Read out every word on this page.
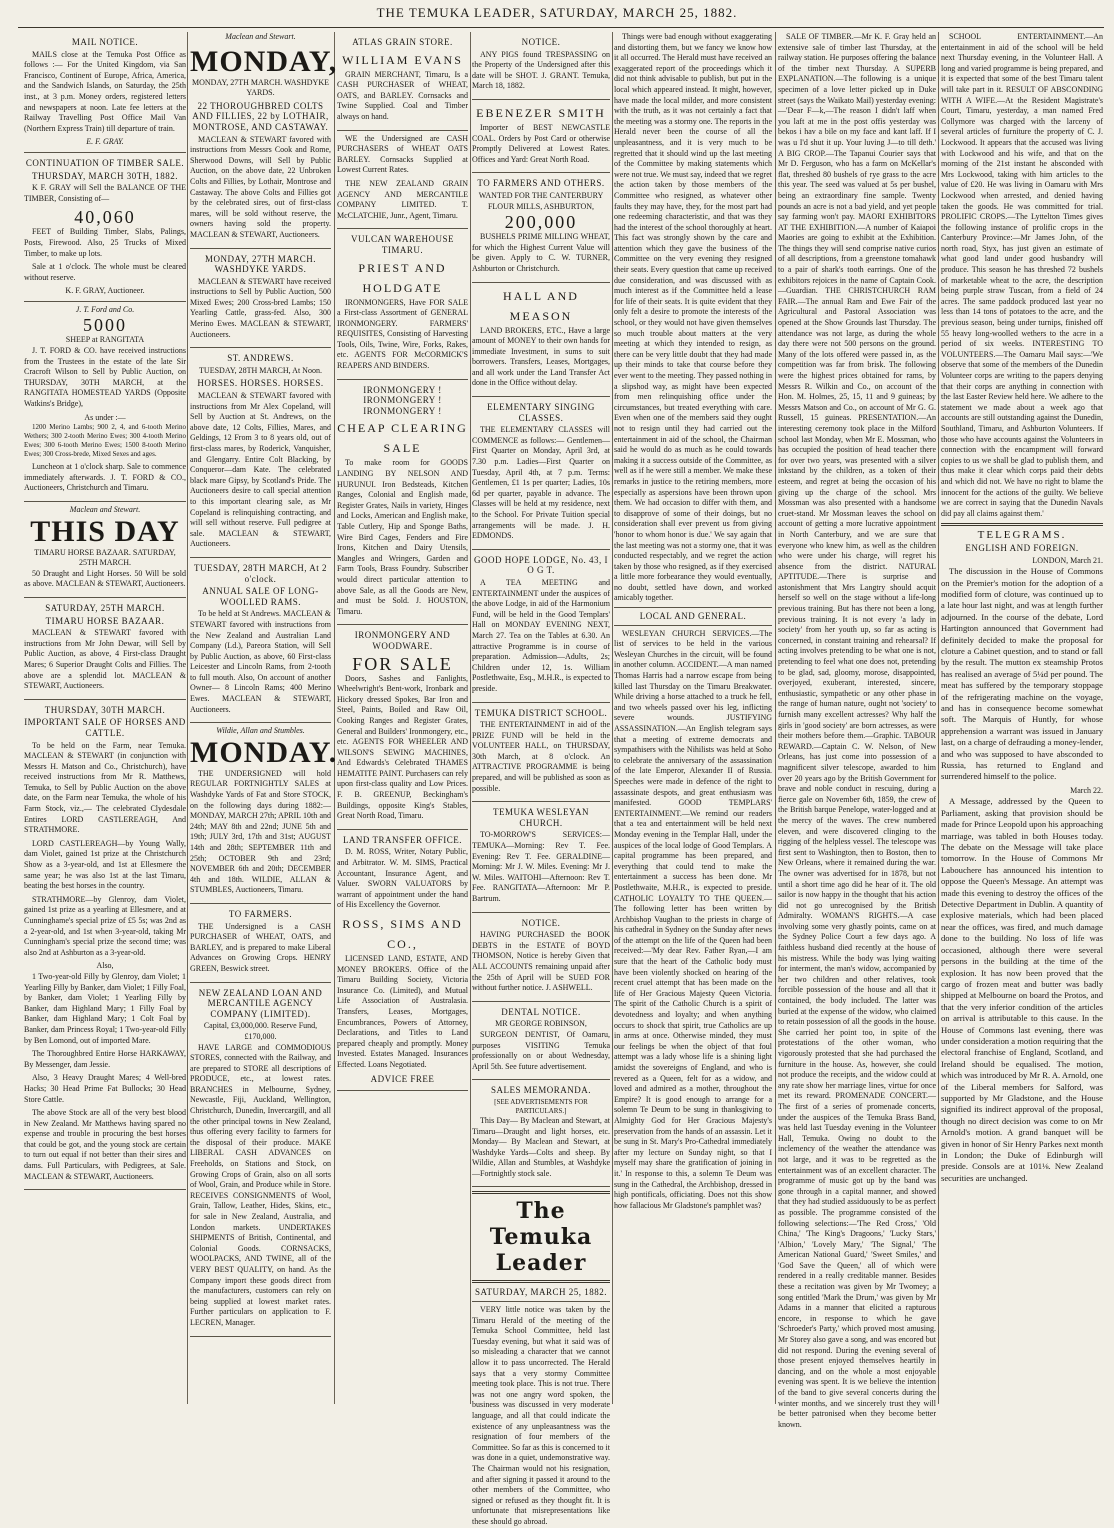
THE TEMUKA LEADER, SATURDAY, MARCH 25, 1882.
MAIL NOTICE.

MAILS close at the Temuka Post Office as follows :— For the United Kingdom, via San Francisco, Continent of Europe, Africa, America, and the Sandwich Islands, on Saturday, the 25th inst., at 3 p.m. Money orders, registered letters and newspapers at noon. Late fee letters at the Railway Travelling Post Office Mail Van (Northern Express Train) till departure of train.

E. F. GRAY.
CONTINUATION OF TIMBER SALE.
THURSDAY, MARCH 30TH, 1882.

K F. GRAY will Sell the BALANCE OF THE TIMBER, Consisting of—

40,060

FEET of Building Timber, Slabs, Palings, Posts, Firewood. Also, 25 Trucks of Mixed Timber, to make up lots.

Sale at 1 o'clock. The whole must be cleared without reserve.

K. F. GRAY, Auctioneer.
J. T. Ford and Co.
5000
SHEEP at RANGITATA

J. T. FORD & CO. have received instructions from the Trustees in the estate of the late Sir Cracroft Wilson to Sell by Public Auction, on THURSDAY, 30TH MARCH, at the RANGITATA HOMESTEAD YARDS (Opposite Watkins's Bridge),

As under :—

1200 Merino Lambs; 900 2, 4, and 6-tooth Merino Wethers; 300 2-tooth Merino Ewes; 300 4-tooth Merino Ewes; 300 6-tooth Merino Ewes; 1500 8-tooth Merino Ewes; 300 Cross-brede, Mixed Sexes and ages.

Luncheon at 1 o'clock sharp. Sale to commence immediately afterwards. J. T. FORD & CO., Auctioneers, Christchurch and Timaru.

Maclean and Stewart.
THIS DAY
TIMARU HORSE BAZAAR. SATURDAY, 25TH MARCH.

50 Draught and Light Horses. 50 Will be sold as above. MACLEAN & STEWART, Auctioneers.

SATURDAY, 25TH MARCH.
TIMARU HORSE BAZAAR.

MACLEAN & STEWART favored with instructions from Mr John Dewar, will Sell by Public Auction, as above, 4 First-class Draught Mares; 6 Superior Draught Colts and Fillies. The above are a splendid lot. MACLEAN & STEWART, Auctioneers.

THURSDAY, 30TH MARCH.
IMPORTANT SALE OF HORSES AND CATTLE.

To be held on the Farm, near Temuka. MACLEAN & STEWART (in conjunction with Messrs H. Matson and Co., Christchurch), have received instructions from Mr R. Matthews, Temuka, to Sell by Public Auction on the above date, on the Farm near Temuka, the whole of his Farm Stock, viz.,— The celebrated Clydesdale Entires LORD CASTLEREAGH, And STRATHMORE.

LORD CASTLEREAGH—by Young Wally, dam Violet, gained 1st prize at the Christchurch Show as a 3-year-old, and 1st at Ellesmere the same year; he was also 1st at the last Timaru, beating the best horses in the country.

STRATHMORE—by Glenroy, dam Violet, gained 1st prize as a yearling at Ellesmere, and at Cunninghame's special prize of £5 5s; was 2nd as a 2-year-old, and 1st when 3-year-old, taking Mr Cunningham's special prize the second time; was also 2nd at Ashburton as a 3-year-old.

Also,

1 Two-year-old Filly by Glenroy, dam Violet; 1 Yearling Filly by Banker, dam Violet; 1 Filly Foal, by Banker, dam Violet; 1 Yearling Filly by Banker, dam Highland Mary; 1 Filly Foal by Banker, dam Highland Mary; 1 Colt Foal by Banker, dam Princess Royal; 1 Two-year-old Filly by Ben Lomond, out of imported Mare.

The Thoroughbred Entire Horse HARKAWAY, By Messenger, dam Jessie.

Also, 3 Heavy Draught Mares; 4 Well-bred Hacks; 30 Head Prime Fat Bullocks; 30 Head Store Cattle.

The above Stock are all of the very best blood in New Zealand. Mr Matthews having spared no expense and trouble in procuring the best horses that could be got, and the young stock are certain to turn out equal if not better than their sires and dams. Full Particulars, with Pedigrees, at Sale. MACLEAN & STEWART, Auctioneers.

Maclean and Stewart.
MONDAY,
MONDAY, 27TH MARCH. WASHDYKE YARDS.
22 THOROUGHBRED COLTS AND FILLIES, 22 by LOTHAIR, MONTROSE, AND CASTAWAY.

MACLEAN & STEWART favored with instructions from Messrs Cook and Rome, Sherwood Downs, will Sell by Public Auction, on the above date, 22 Unbroken Colts and Fillies, by Lothair, Montrose and Castaway. The above Colts and Fillies got by the celebrated sires, out of first-class mares, will be sold without reserve, the owners having sold the property. MACLEAN & STEWART, Auctioneers.

MONDAY, 27TH MARCH. WASHDYKE YARDS.

MACLEAN & STEWART have received instructions to Sell by Public Auction, 500 Mixed Ewes; 200 Cross-bred Lambs; 150 Yearling Cattle, grass-fed. Also, 300 Merino Ewes. MACLEAN & STEWART, Auctioneers.

ST. ANDREWS.
TUESDAY, 28TH MARCH, At Noon.
HORSES. HORSES. HORSES.

MACLEAN & STEWART favored with instructions from Mr Alex Copeland, will Sell by Auction at St. Andrews, on the above date, 12 Colts, Fillies, Mares, and Geldings, 12 From 3 to 8 years old, out of first-class mares, by Roderick, Vanquisher, and Glengarry. Entire Colt Blacking, by Conqueror—dam Kate. The celebrated black mare Gipsy, by Scotland's Pride. The Auctioneers desire to call special attention to this important clearing sale, as Mr Copeland is relinquishing contracting, and will sell without reserve. Full pedigree at sale. MACLEAN & STEWART, Auctioneers.

TUESDAY, 28TH MARCH, At 2 o'clock.
ANNUAL SALE OF LONG-WOOLLED RAMS.

To be held at St Andrews. MACLEAN & STEWART favored with instructions from the New Zealand and Australian Land Company (Ld.), Pareora Station, will Sell by Public Auction, as above, 60 First-class Leicester and Lincoln Rams, from 2-tooth to full mouth. Also, On account of another Owner— 8 Lincoln Rams; 400 Merino Ewes. MACLEAN & STEWART, Auctioneers.

Wildie, Allan and Stumbles.
MONDAY.

THE UNDERSIGNED will hold REGULAR FORTNIGHTLY SALES at Washdyke Yards of Fat and Store STOCK, on the following days during 1882:— MONDAY, MARCH 27th; APRIL 10th and 24th; MAY 8th and 22nd; JUNE 5th and 19th; JULY 3rd, 17th and 31st; AUGUST 14th and 28th; SEPTEMBER 11th and 25th; OCTOBER 9th and 23rd; NOVEMBER 6th and 20th; DECEMBER 4th and 18th. WILDIE, ALLAN & STUMBLES, Auctioneers, Timaru.

TO FARMERS.

THE Undersigned is a CASH PURCHASER of WHEAT, OATS, and BARLEY, and is prepared to make Liberal Advances on Growing Crops. HENRY GREEN, Beswick street.

NEW ZEALAND LOAN AND MERCANTILE AGENCY COMPANY (LIMITED).
Capital, £3,000,000. Reserve Fund, £170,000.

HAVE LARGE and COMMODIOUS STORES, connected with the Railway, and are prepared to STORE all descriptions of PRODUCE, etc., at lowest rates. BRANCHES in Melbourne, Sydney, Newcastle, Fiji, Auckland, Wellington, Christchurch, Dunedin, Invercargill, and all the other principal towns in New Zealand, thus offering every facility to farmers for the disposal of their produce. MAKE LIBERAL CASH ADVANCES on Freeholds, on Stations and Stock, on Growing Crops of Grain, also on all sorts of Wool, Grain, and Produce while in Store. RECEIVES CONSIGNMENTS of Wool, Grain, Tallow, Leather, Hides, Skins, etc., for sale in New Zealand, Australia, and London markets. UNDERTAKES SHIPMENTS of British, Continental, and Colonial Goods. CORNSACKS, WOOLPACKS, AND TWINE, all of the VERY BEST QUALITY, on hand. As the Company import these goods direct from the manufacturers, customers can rely on being supplied at lowest market rates. Further particulars on application to F. LECREN, Manager.

ATLAS GRAIN STORE.
WILLIAM EVANS

GRAIN MERCHANT, Timaru, Is a CASH PURCHASER of WHEAT, OATS, and BARLEY. Cornsacks and Twine Supplied. Coal and Timber always on hand.

WE the Undersigned are CASH PURCHASERS of WHEAT OATS BARLEY. Cornsacks Supplied at Lowest Current Rates.

THE NEW ZEALAND GRAIN AGENCY AND MERCANTILE COMPANY LIMITED. T. McCLATCHIE, Junr., Agent, Timaru.

VULCAN WAREHOUSE TIMARU.
PRIEST AND HOLDGATE

IRONMONGERS, Have FOR SALE a First-class Assortment of GENERAL IRONMONGERY. FARMERS' REQUISITES, Consisting of Harvesting Tools, Oils, Twine, Wire, Forks, Rakes, etc. AGENTS FOR McCORMICK'S REAPERS AND BINDERS.

IRONMONGERY ! IRONMONGERY ! IRONMONGERY !
CHEAP CLEARING SALE

To make room for GOODS LANDING BY NELSON AND HURUNUI. Iron Bedsteads, Kitchen Ranges, Colonial and English made, Register Grates, Nails in variety, Hinges and Locks, American and English make, Table Cutlery, Hip and Sponge Baths, Wire Bird Cages, Fenders and Fire Irons, Kitchen and Dairy Utensils, Mangles and Wringers, Garden and Farm Tools, Brass Foundry. Subscriber would direct particular attention to above Sale, as all the Goods are New, and must be Sold. J. HOUSTON, Timaru.

IRONMONGERY AND WOODWARE.
FOR SALE

Doors, Sashes and Fanlights, Wheelwright's Bent-work, Ironbark and Hickory dressed Spokes, Bar Iron and Steel, Paints, Boiled and Raw Oil, Cooking Ranges and Register Grates, General and Builders' Ironmongery, etc., etc. AGENTS FOR WHEELER AND WILSON'S SEWING MACHINES, And Edwards's Celebrated THAMES HEMATITE PAINT. Purchasers can rely upon first-class quality and Low Prices. F. B. GREENUP, Beckingham's Buildings, opposite King's Stables, Great North Road, Timaru.

LAND TRANSFER OFFICE.

D. M. ROSS, Writer, Notary Public, and Arbitrator. W. M. SIMS, Practical Accountant, Insurance Agent, and Valuer. SWORN VALUATORS by warrant of appointment under the hand of His Excellency the Governor.

ROSS, SIMS AND CO.,

LICENSED LAND, ESTATE, AND MONEY BROKERS. Office of the Timaru Building Society, Victoria Insurance Co. (Limited), and Mutual Life Association of Australasia. Transfers, Leases, Mortgages, Encumbrances, Powers of Attorney, Declarations, and Titles to Land prepared cheaply and promptly. Money Invested. Estates Managed. Insurances Effected. Loans Negotiated.

ADVICE FREE
NOTICE.

ANY PIGS found TRESPASSING on the Property of the Undersigned after this date will be SHOT. J. GRANT. Temuka, March 18, 1882.

EBENEZER SMITH

Importer of BEST NEWCASTLE COAL. Orders by Post Card or otherwise Promptly Delivered at Lowest Rates. Offices and Yard: Great North Road.

TO FARMERS AND OTHERS.
WANTED FOR THE CANTERBURY FLOUR MILLS, ASHBURTON,
200,000

BUSHELS PRIME MILLING WHEAT, for which the Highest Current Value will be given. Apply to C. W. TURNER, Ashburton or Christchurch.

HALL AND MEASON

LAND BROKERS, ETC., Have a large amount of MONEY to their own hands for immediate Investment, in sums to suit borrowers. Transfers, Leases, Mortgages, and all work under the Land Transfer Act done in the Office without delay.

ELEMENTARY SINGING CLASSES.

THE ELEMENTARY CLASSES will COMMENCE as follows:— Gentlemen—First Quarter on Monday, April 3rd, at 7.30 p.m. Ladies—First Quarter on Tuesday, April 4th, at 7 p.m. Terms: Gentlemen, £1 1s per quarter; Ladies, 10s 6d per quarter, payable in advance. The Classes will be held at my residence, next to the School. For Private Tuition special arrangements will be made. J. H. EDMONDS.

GOOD HOPE LODGE, No. 43, I O G T.

A TEA MEETING and ENTERTAINMENT under the auspices of the above Lodge, in aid of the Harmonium Fund, will be held in the Good Templars' Hall on MONDAY EVENING NEXT, March 27. Tea on the Tables at 6.30. An attractive Programme is in course of preparation. Admission—Adults, 2s; Children under 12, 1s. William Postlethwaite, Esq., M.H.R., is expected to preside.

TEMUKA DISTRICT SCHOOL.

THE ENTERTAINMENT in aid of the PRIZE FUND will be held in the VOLUNTEER HALL, on THURSDAY, 30th March, at 8 o'clock. An ATTRACTIVE PROGRAMME is being prepared, and will be published as soon as possible.

TEMUKA WESLEYAN CHURCH.

TO-MORROW'S SERVICES:— TEMUKA—Morning: Rev T. Fee. Evening: Rev T. Fee. GERALDINE—Morning: Mr J. W. Miles. Evening: Mr J. W. Miles. WAITOHI—Afternoon: Rev T. Fee. RANGITATA—Afternoon: Mr P. Bartrum.

NOTICE.

HAVING PURCHASED the BOOK DEBTS in the ESTATE of BOYD THOMSON, Notice is hereby Given that ALL ACCOUNTS remaining unpaid after the 25th of April will be SUED FOR without further notice. J. ASHWELL.

DENTAL NOTICE.
MR GEORGE ROBINSON,

SURGEON DENTIST, Of Oamaru, purposes VISITING Temuka professionally on or about Wednesday, April 5th. See future advertisement.

SALES MEMORANDA.
[SEE ADVERTISEMENTS FOR PARTICULARS.]

This Day— By Maclean and Stewart, at Timaru—Draught and light horses, etc. Monday— By Maclean and Stewart, at Washdyke Yards—Colts and sheep. By Wildie, Allan and Stumbles, at Washdyke—Fortnightly stock sale.

The Temuka Leader
SATURDAY, MARCH 25, 1882.

VERY little notice was taken by the Timaru Herald of the meeting of the Temuka School Committee, held last Tuesday evening, but what it said was of so misleading a character that we cannot allow it to pass uncorrected. The Herald says that a very stormy Committee meeting took place. This is not true. There was not one angry word spoken, the business was discussed in very moderate language, and all that could indicate the existence of any unpleasantness was the resignation of four members of the Committee. So far as this is concerned to it was done in a quiet, undemonstrative way. The Chairman would not his resignation, and after signing it passed it around to the other members of the Committee, who signed or refused as they thought fit. It is unfortunate that misrepresentations like these should go abroad.

Things were bad enough without exaggerating and distorting them, but we fancy we know how it all occurred. The Herald must have received an exaggerated report of the proceedings which it did not think advisable to publish, but put in the local which appeared instead. It might, however, have made the local milder, and more consistent with the truth, as it was not certainly a fact that the meeting was a stormy one. The reports in the Herald never been the course of all the unpleasantness, and it is very much to be regretted that it should wind up the last meeting of the Committee by making statements which were not true. We must say, indeed that we regret the action taken by those members of the Committee who resigned, as whatever other faults they may have, they, for the most part had one redeeming characteristic, and that was they had the interest of the school thoroughly at heart. This fact was strongly shown by the care and attention which they gave the business of the Committee on the very evening they resigned their seats. Every question that came up received due consideration, and was discussed with as much interest as if the Committee held a lease for life of their seats. It is quite evident that they only felt a desire to promote the interests of the school, or they would not have given themselves so much trouble about matters at the very meeting at which they intended to resign, as there can be very little doubt that they had made up their minds to take that course before they ever went to the meeting. They passed nothing in a slipshod way, as might have been expected from men relinquishing office under the circumstances, but treated everything with care. Even when one of the members said they ought not to resign until they had carried out the entertainment in aid of the school, the Chairman said he would do as much as he could towards making it a success outside of the Committee, as well as if he were still a member. We make these remarks in justice to the retiring members, more especially as aspersions have been thrown upon them. We had occasion to differ with them, and to disapprove of some of their doings, but no consideration shall ever prevent us from giving 'honor to whom honor is due.' We say again that the last meeting was not a stormy one, that it was conducted respectably, and we regret the action taken by those who resigned, as if they exercised a little more forbearance they would eventually, no doubt, settled have down, and worked amicably together.

LOCAL AND GENERAL.

WESLEYAN CHURCH SERVICES.—The list of services to be held in the various Wesleyan Churches in the circuit, will be found in another column. ACCIDENT.—A man named Thomas Harris had a narrow escape from being killed last Thursday on the Timaru Breakwater. While driving a horse attached to a truck he fell, and two wheels passed over his leg, inflicting severe wounds. JUSTIFYING ASSASSINATION.—An English telegram says that a meeting of extreme democrats and sympathisers with the Nihilists was held at Soho to celebrate the anniversary of the assassination of the late Emperor, Alexander II of Russia. Speeches were made in defence of the right to assassinate despots, and great enthusiasm was manifested. GOOD TEMPLARS' ENTERTAINMENT.—We remind our readers that a tea and entertainment will be held next Monday evening in the Templar Hall, under the auspices of the local lodge of Good Templars. A capital programme has been prepared, and everything that could tend to make the entertainment a success has been done. Mr Postlethwaite, M.H.R., is expected to preside. CATHOLIC LOYALTY TO THE QUEEN.—The following letter has been written by Archbishop Vaughan to the priests in charge of his cathedral in Sydney on the Sunday after news of the attempt on the life of the Queen had been received:—'My dear Rev. Father Ryan,—I am sure that the heart of the Catholic body must have been violently shocked on hearing of the recent cruel attempt that has been made on the life of Her Gracious Majesty Queen Victoria. The spirit of the Catholic Church is a spirit of devotedness and loyalty; and when anything occurs to shock that spirit, true Catholics are up in arms at once. Otherwise minded, they must our feelings be when the object of that foul attempt was a lady whose life is a shining light amidst the sovereigns of England, and who is revered as a Queen, felt for as a widow, and loved and admired as a mother, throughout the Empire? It is good enough to arrange for a solemn Te Deum to be sung in thanksgiving to Almighty God for Her Gracious Majesty's preservation from the hands of an assassin. Let it be sung in St. Mary's Pro-Cathedral immediately after my lecture on Sunday night, so that I myself may share the gratification of joining in it.' In response to this, a solemn Te Deum was sung in the Cathedral, the Archbishop, dressed in high pontificals, officiating. Does not this show how fallacious Mr Gladstone's pamphlet was?

SALE OF TIMBER.—Mr K. F. Gray held an extensive sale of timber last Thursday, at the railway station. He purposes offering the balance of the timber next Thursday. A SUPERB EXPLANATION.—The following is a unique specimen of a love letter picked up in Duke street (says the Waikato Mail) yesterday evening:—'Dear F—k,—The reason I didn't laff when you laft at me in the post offis yesterday was bekos i hav a bile on my face and kant laff. If I was u I'd shut it up. Your luving J—to till deth.' A BIG CROP.—The Tapanui Courier says that Mr D. Ferguson, who has a farm on McKellar's flat, threshed 80 bushels of rye grass to the acre this year. The seed was valued at 5s per bushel, being an extraordinary fine sample. Twenty pounds an acre is not a bad yield, and yet people say farming won't pay. MAORI EXHIBITORS AT THE EXHIBITION.—A number of Kaiapoi Maories are going to exhibit at the Exhibition. The things they will send comprise native curios of all descriptions, from a greenstone tomahawk to a pair of shark's tooth earrings. One of the exhibitors rejoices in the name of Captain Cook.—Guardian. THE CHRISTCHURCH RAM FAIR.—The annual Ram and Ewe Fair of the Agricultural and Pastoral Association was opened at the Show Grounds last Thursday. The attendance was not large, as during the whole day there were not 500 persons on the ground. Many of the lots offered were passed in, as the competition was far from brisk. The following were the highest prices obtained for rams, by Messrs R. Wilkin and Co., on account of the Hon. M. Holmes, 25, 15, 11 and 9 guineas; by Messrs Matson and Co., on account of Mr G. G. Russell, 15 guineas. PRESENTATION.—An interesting ceremony took place in the Milford school last Monday, when Mr E. Mossman, who has occupied the position of head teacher there for over two years, was presented with a silver inkstand by the children, as a token of their esteem, and regret at being the occasion of his giving up the charge of the school. Mrs Mossman was also presented with a handsome cruet-stand. Mr Mossman leaves the school on account of getting a more lucrative appointment in North Canterbury, and we are sure that everyone who knew him, as well as the children who were under his charge, will regret his absence from the district. NATURAL APTITUDE.—There is surprise and astonishment that Mrs Langtry should acquit herself so well on the stage without a life-long previous training. But has there not been a long, previous training. It is not every 'a lady in society' from her youth up, so far as acting is concerned, in constant training and rehearsal? If acting involves pretending to be what one is not, pretending to feel what one does not, pretending to be glad, sad, gloomy, morose, disappointed, overjoyed, exuberant, interested, sincere, enthusiastic, sympathetic or any other phase in the range of human nature, ought not 'society' to furnish many excellent actresses? Why half the girls in 'good society' are born actresses, as were their mothers before them.—Graphic. TABOUR REWARD.—Captain C. W. Nelson, of New Orleans, has just come into possession of a magnificent silver telescope, awarded to him over 20 years ago by the British Government for brave and noble conduct in rescuing, during a fierce gale on November 6th, 1859, the crew of the British barque Penelope, water-logged and at the mercy of the waves. The crew numbered eleven, and were discovered clinging to the rigging of the helpless vessel. The telescope was first sent to Washington, then to Boston, then to New Orleans, where it remained during the war. The owner was advertised for in 1878, but not until a short time ago did he hear of it. The old sailor is now happy in the thought that his action did not go unrecognised by the British Admiralty. WOMAN'S RIGHTS.—A case involving some very ghastly points, came on at the Sydney Police Court a few days ago. A faithless husband died recently at the house of his mistress. While the body was lying waiting for interment, the man's widow, accompanied by her two children and other relatives, took forcible possession of the house and all that it contained, the body included. The latter was buried at the expense of the widow, who claimed to retain possession of all the goods in the house. She carried her point too, in spite of the protestations of the other woman, who vigorously protested that she had purchased the furniture in the house. As, however, she could not produce the receipts, and the widow could at any rate show her marriage lines, virtue for once met its reward. PROMENADE CONCERT.—The first of a series of promenade concerts, under the auspices of the Temuka Brass Band, was held last Tuesday evening in the Volunteer Hall, Temuka. Owing no doubt to the inclemency of the weather the attendance was not large, and it was to be regretted as the entertainment was of an excellent character. The programme of music got up by the band was gone through in a capital manner, and showed that they had studied assiduously to be as perfect as possible. The programme consisted of the following selections:—'The Red Cross,' 'Old China,' 'The King's Dragoons,' 'Lucky Stars,' 'Albion,' 'Lovely Mary,' 'The Signal,' 'The American National Guard,' 'Sweet Smiles,' and 'God Save the Queen,' all of which were rendered in a really creditable manner. Besides these a recitation was given by Mr Twomey; a song entitled 'Mark the Drum,' was given by Mr Adams in a manner that elicited a rapturous encore, in response to which he gave 'Schroeder's Party,' which proved most amusing. Mr Storey also gave a song, and was encored but did not respond. During the evening several of those present enjoyed themselves heartily in dancing, and on the whole a most enjoyable evening was spent. It is we believe the intention of the band to give several concerts during the winter months, and we sincerely trust they will be better patronised when they become better known.

SCHOOL ENTERTAINMENT.—An entertainment in aid of the school will be held next Thursday evening, in the Volunteer Hall. A long and varied programme is being prepared, and it is expected that some of the best Timaru talent will take part in it. RESULT OF ABSCONDING WITH A WIFE.—At the Resident Magistrate's Court, Timaru, yesterday, a man named Fred Collymore was charged with the larceny of several articles of furniture the property of C. J. Lockwood. It appears that the accused was living with Lockwood and his wife, and that on the morning of the 21st instant he absconded with Mrs Lockwood, taking with him articles to the value of £20. He was living in Oamaru with Mrs Lockwood when arrested, and denied having taken the goods. He was committed for trial. PROLIFIC CROPS.—The Lyttelton Times gives the following instance of prolific crops in the Canterbury Province:—Mr James John, of the north road, Styx, has just given an estimate of what good land under good husbandry will produce. This season he has threshed 72 bushels of marketable wheat to the acre, the description being purple straw Tuscan, from a field of 24 acres. The same paddock produced last year no less than 14 tons of potatoes to the acre, and the previous season, being under turnips, finished off 55 heavy long-woolled wethers to the acre in a period of six weeks. INTERESTING TO VOLUNTEERS.—The Oamaru Mail says:—'We observe that some of the members of the Dunedin Volunteer corps are writing to the papers denying that their corps are anything in connection with the last Easter Review held here. We adhere to the statement we made about a week ago that accounts are still outstanding against the Dunedin, Southland, Timaru, and Ashburton Volunteers. If those who have accounts against the Volunteers in connection with the encampment will forward copies to us we shall be glad to publish them, and thus make it clear which corps paid their debts and which did not. We have no right to blame the innocent for the actions of the guilty. We believe we are correct in saying that the Dunedin Navals did pay all claims against them.'

TELEGRAMS.
ENGLISH AND FOREIGN.
LONDON, March 21.

The discussion in the House of Commons on the Premier's motion for the adoption of a modified form of cloture, was continued up to a late hour last night, and was at length further adjourned. In the course of the debate, Lord Hartington announced that Government had definitely decided to make the proposal for cloture a Cabinet question, and to stand or fall by the result. The mutton ex steamship Protos has realised an average of 5¼d per pound. The meat has suffered by the temporary stoppage of the refrigerating machine on the voyage, and has in consequence become somewhat soft. The Marquis of Huntly, for whose apprehension a warrant was issued in January last, on a charge of defrauding a money-lender, and who was supposed to have absconded to Russia, has returned to England and surrendered himself to the police.

March 22.

A Message, addressed by the Queen to Parliament, asking that provision should be made for Prince Leopold upon his approaching marriage, was tabled in both Houses today. The debate on the Message will take place tomorrow. In the House of Commons Mr Labouchere has announced his intention to oppose the Queen's Message. An attempt was made this evening to destroy the offices of the Detective Department in Dublin. A quantity of explosive materials, which had been placed near the offices, was fired, and much damage done to the building. No loss of life was occasioned, although there were several persons in the building at the time of the explosion. It has now been proved that the cargo of frozen meat and butter was badly shipped at Melbourne on board the Protos, and that the very inferior condition of the articles on arrival is attributable to this cause. In the House of Commons last evening, there was under consideration a motion requiring that the electoral franchise of England, Scotland, and Ireland should be equalised. The motion, which was introduced by Mr R. A. Arnold, one of the Liberal members for Salford, was supported by Mr Gladstone, and the House signified its indirect approval of the proposal, though no direct decision was come to on Mr Arnold's motion. A grand banquet will be given in honor of Sir Henry Parkes next month in London; the Duke of Edinburgh will preside. Consols are at 101⅛. New Zealand securities are unchanged.
